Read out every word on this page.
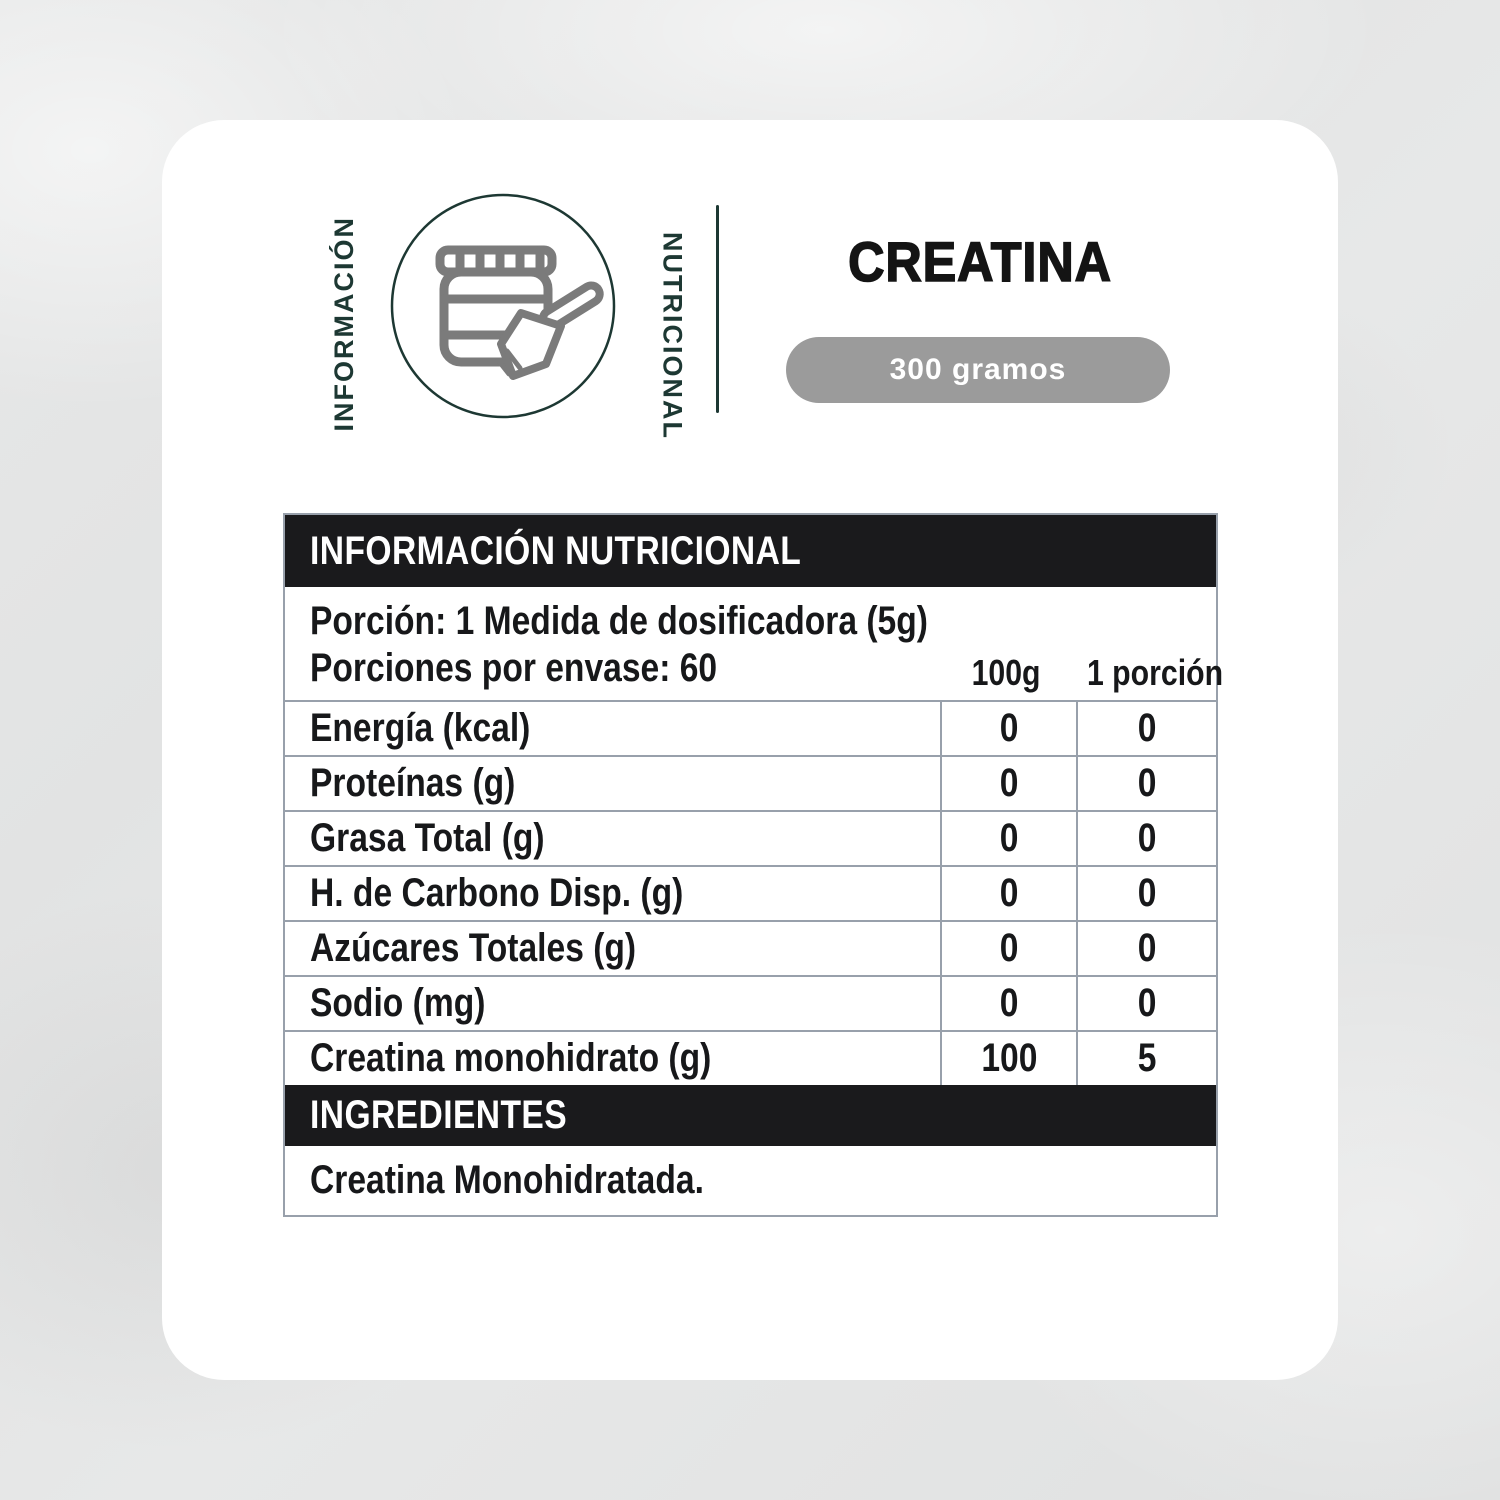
INFORMACIÓN	NUTRICIONAL	CREATINA
300 gramos
INFORMACIÓN NUTRICIONAL
Porción: 1 Medida de dosificadora (5g)
Porciones por envase: 60	100g	1 porción
Energía (kcal)	0	0
Proteínas (g)	0	0
Grasa Total (g)	0	0
H. de Carbono Disp. (g)	0	0
Azúcares Totales (g)	0	0
Sodio (mg)	0	0
Creatina monohidrato (g)	100	5
INGREDIENTES
Creatina Monohidratada.
